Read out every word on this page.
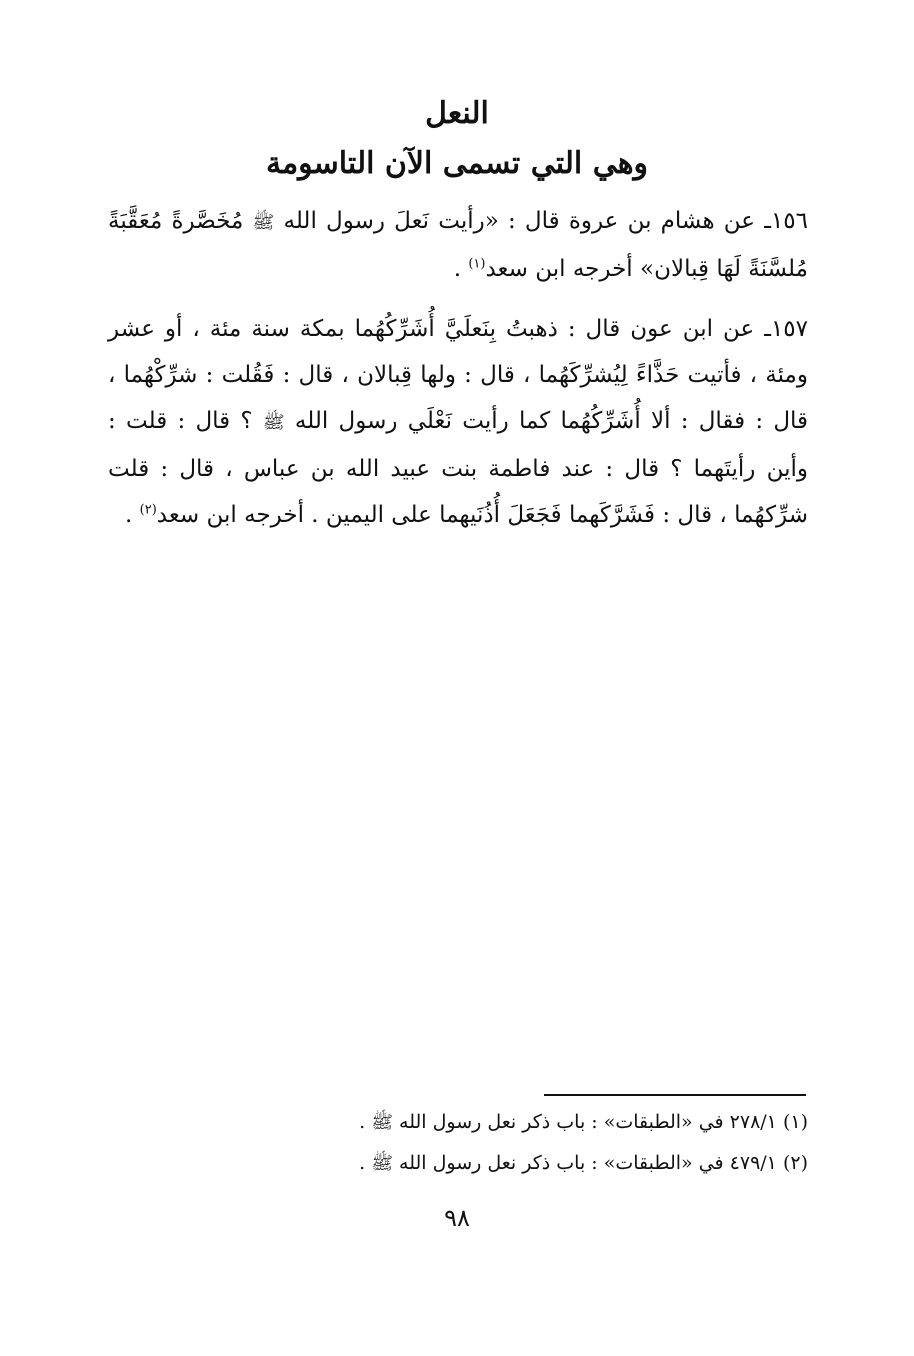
النعل
وهي التي تسمى الآن التاسومة
١٥٦ـ عن هشام بن عروة قال : «رأيت نَعلَ رسول الله ﷺ مُخَصَّرةً مُعَقَّبَةً مُلسَّنَةً لَهَا قِبالان» أخرجه ابن سعد$^{(١)}$ .
١٥٧ـ عن ابن عون قال : ذهبتُ بِنَعلَيَّ أُشَرِّكُهُما بمكة سنة مئة ، أو عشر ومئة ، فأتيت حَذَّاءً لِيُشرِّكَهُما ، قال : ولها قِبالان ، قال : فَقُلت : شرِّكْهُما ، قال : فقال : ألا أُشَرِّكُهُما كما رأيت نَعْلَي رسول الله ﷺ ؟ قال : قلت : وأين رأيتَهما ؟ قال : عند فاطمة بنت عبيد الله بن عباس ، قال : قلت شرِّكهُما ، قال : فَشَرَّكَهما فَجَعَلَ أُذُنَيهما على اليمين . أخرجه ابن سعد$^{(٢)}$ .
(١) ٢٧٨/١ في «الطبقات» : باب ذكر نعل رسول الله ﷺ .
(٢) ٤٧٩/١ في «الطبقات» : باب ذكر نعل رسول الله ﷺ .
٩٨
